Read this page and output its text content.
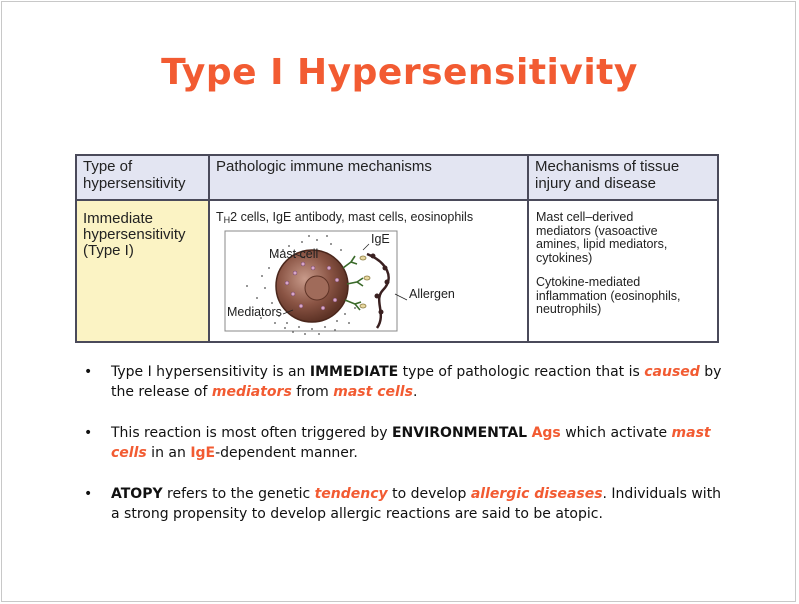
Type I Hypersensitivity
Type of
hypersensitivity
Pathologic immune mechanisms	Mechanisms of tissue
injury and disease
Immediate
hypersensitivity
(Type I)
TH2 cells, IgE antibody, mast cells, eosinophils
Mast cell
IgE
Allergen
Mediators
Mast cell–derived
mediators (vasoactive
amines, lipid mediators,
cytokines)
Cytokine-mediated
inflammation (eosinophils,
neutrophils)
• Type I hypersensitivity is an IMMEDIATE type of pathologic reaction that is caused by the release of mediators from mast cells.
• This reaction is most often triggered by ENVIRONMENTAL Ags which activate mast cells in an IgE-dependent manner.
• ATOPY refers to the genetic tendency to develop allergic diseases. Individuals with a strong propensity to develop allergic reactions are said to be atopic.
